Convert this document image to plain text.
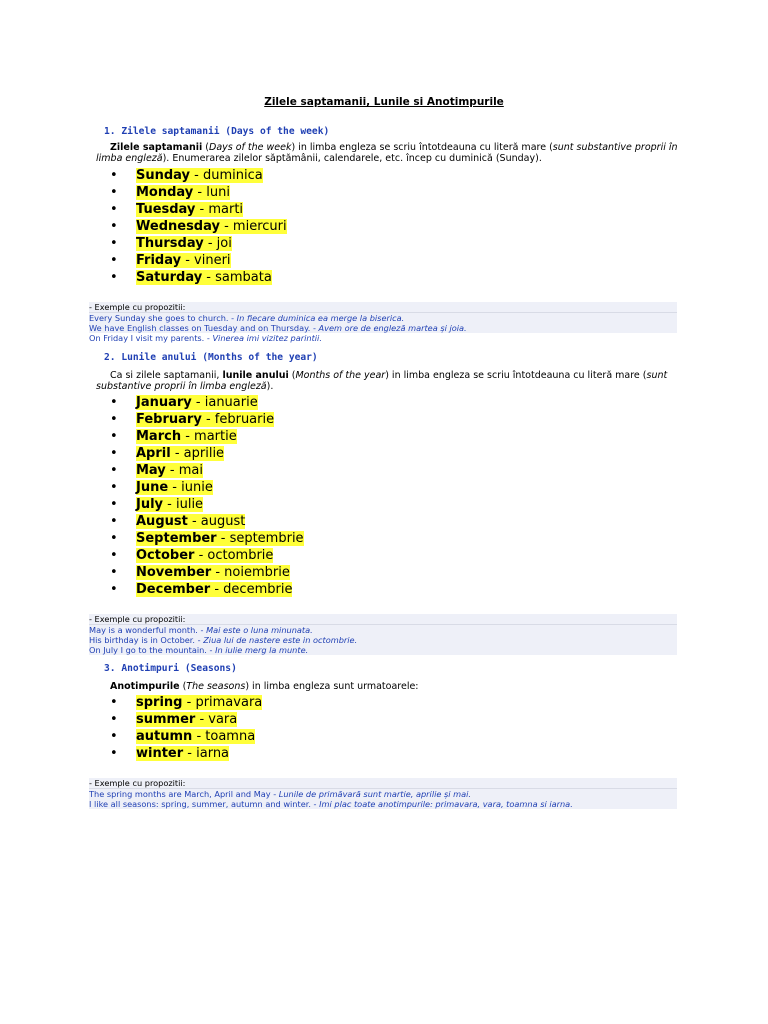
Zilele saptamanii, Lunile si Anotimpurile
1. Zilele saptamanii (Days of the week)
Zilele saptamanii (Days of the week) in limba engleza se scriu întotdeauna cu literă mare (sunt substantive proprii în limba engleză). Enumerarea zilelor săptămânii, calendarele, etc. încep cu duminică (Sunday).
• Sunday - duminica
• Monday - luni
• Tuesday - marti
• Wednesday - miercuri
• Thursday - joi
• Friday - vineri
• Saturday - sambata
- Exemple cu propozitii:
Every Sunday she goes to church. - In fiecare duminica ea merge la biserica.
We have English classes on Tuesday and on Thursday. - Avem ore de engleză martea și joia.
On Friday I visit my parents. - Vinerea imi vizitez parintii.
2. Lunile anului (Months of the year)
Ca si zilele saptamanii, lunile anului (Months of the year) in limba engleza se scriu întotdeauna cu literă mare (sunt substantive proprii în limba engleză).
• January - ianuarie
• February - februarie
• March - martie
• April - aprilie
• May - mai
• June - iunie
• July - iulie
• August - august
• September - septembrie
• October - octombrie
• November - noiembrie
• December - decembrie
- Exemple cu propozitii:
May is a wonderful month. - Mai este o luna minunata.
His birthday is in October. - Ziua lui de nastere este in octombrie.
On July I go to the mountain. - In iulie merg la munte.
3. Anotimpuri (Seasons)
Anotimpurile (The seasons) in limba engleza sunt urmatoarele:
• spring - primavara
• summer - vara
• autumn - toamna
• winter - iarna
- Exemple cu propozitii:
The spring months are March, April and May - Lunile de primăvară sunt martie, aprilie și mai.
I like all seasons: spring, summer, autumn and winter. - Imi plac toate anotimpurile: primavara, vara, toamna si iarna.
